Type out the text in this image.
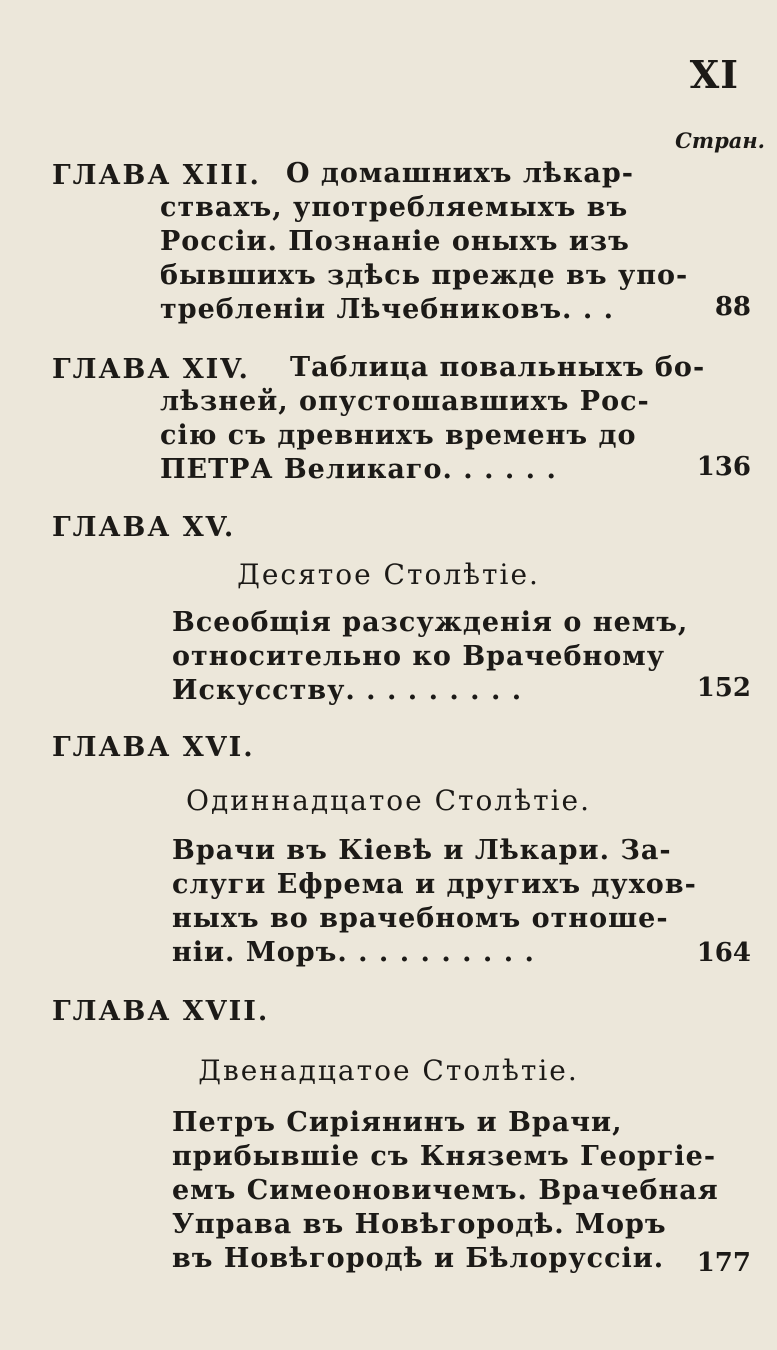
XI
Стран.
ГЛАВА XIII. О домашнихъ лѣкар-
ствахъ, употребляемыхъ въ
Россіи. Познаніе оныхъ изъ
бывшихъ здѣсь прежде въ упо-
требленіи Лѣчебниковъ. . .	88
ГЛАВА XIV. Таблица повальныхъ бо-
лѣзней, опустошавшихъ Рос-
сію съ древнихъ временъ до
ПЕТРА Великаго. . . . . .	136
ГЛАВА XV.
Десятое Столѣтіе.
Всеобщія разсужденія о немъ,
относительно ко Врачебному
Искусству. . . . . . . . .	152
ГЛАВА XVI.
Одиннадцатое Столѣтіе.
Врачи въ Кіевѣ и Лѣкари. За-
слуги Ефрема и другихъ духов-
ныхъ во врачебномъ отноше-
ніи. Моръ. . . . . . . . . .	164
ГЛАВА XVII.
Двенадцатое Столѣтіе.
Петръ Сиріянинъ и Врачи,
прибывшіе съ Княземъ Георгіе-
емъ Симеоновичемъ. Врачебная
Управа въ Новѣгородѣ. Моръ
въ Новѣгородѣ и Бѣлоруссіи. 177
